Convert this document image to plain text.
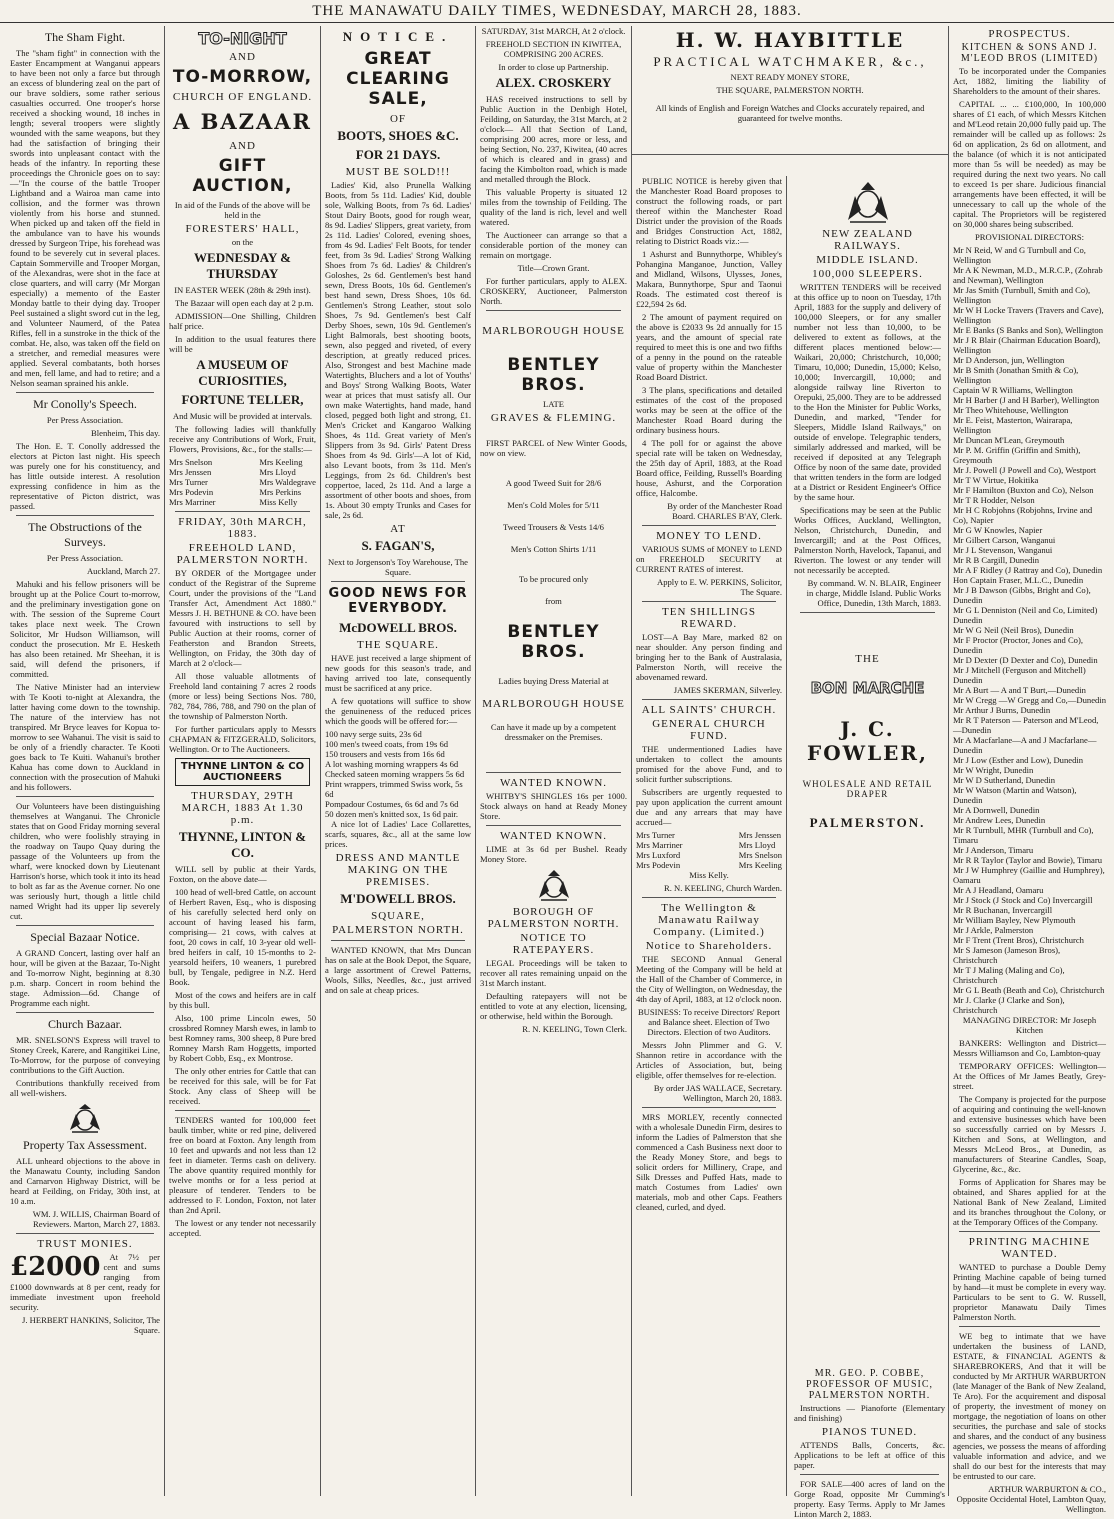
THE MANAWATU DAILY TIMES, WEDNESDAY, MARCH 28, 1883.
The Sham Fight.

The "sham fight" in connection with the Easter Encampment at Wanganui appears to have been not only a farce but through an excess of blundering zeal on the part of our brave soldiers, some rather serious casualties occurred. One trooper's horse received a shocking wound, 18 inches in length; several troopers were slightly wounded with the same weapons, but they had the satisfaction of bringing their swords into unpleasant contact with the heads of the infantry. In reporting these proceedings the Chronicle goes on to say:—"In the course of the battle Trooper Lightband and a Wairoa man came into collision, and the former was thrown violently from his horse and stunned. When picked up and taken off the field in the ambulance van to have his wounds dressed by Surgeon Tripe, his forehead was found to be severely cut in several places. Captain Sommerville and Trooper Morgan, of the Alexandras, were shot in the face at close quarters, and will carry (Mr Morgan especially) a memento of the Easter Monday battle to their dying day. Trooper Peel sustained a slight sword cut in the leg, and Volunteer Naumerd, of the Patea Rifles, fell in a sunstroke in the thick of the combat. He, also, was taken off the field on a stretcher, and remedial measures were applied. Several combatants, both horses and men, fell lame, and had to retire; and a Nelson seaman sprained his ankle.

Mr Conolly's Speech.

Per Press Association.

Blenheim, This day.

The Hon. E. T. Conolly addressed the electors at Picton last night. His speech was purely one for his constituency, and has little outside interest. A resolution expressing confidence in him as the representative of Picton district, was passed.

The Obstructions of the Surveys.

Per Press Association.

Auckland, March 27.

Mahuki and his fellow prisoners will be brought up at the Police Court to-morrow, and the preliminary investigation gone on with. The session of the Supreme Court takes place next week. The Crown Solicitor, Mr Hudson Williamson, will conduct the prosecution. Mr E. Hesketh has also been retained. Mr Sheehan, it is said, will defend the prisoners, if committed.

The Native Minister had an interview with Te Kooti to-night at Alexandra, the latter having come down to the township. The nature of the interview has not transpired. Mr Bryce leaves for Kopua to-morrow to see Wahanui. The visit is said to be only of a friendly character. Te Kooti goes back to Te Kuiti. Wahanui's brother Kahua has come down to Auckland in connection with the prosecution of Mahuki and his followers.

Our Volunteers have been distinguishing themselves at Wanganui. The Chronicle states that on Good Friday morning several children, who were foolishly straying in the roadway on Taupo Quay during the passage of the Volunteers up from the wharf, were knocked down by Lieutenant Harrison's horse, which took it into its head to bolt as far as the Avenue corner. No one was seriously hurt, though a little child named Wright had its upper lip severely cut.

Special Bazaar Notice.

A GRAND Concert, lasting over half an hour, will be given at the Bazaar, To-Night and To-morrow Night, beginning at 8.30 p.m. sharp. Concert in room behind the stage. Admission—6d. Change of Programme each night.

Church Bazaar.

MR. SNELSON'S Express will travel to Stoney Creek, Karere, and Rangitikei Line, To-Morrow, for the purpose of conveying contributions to the Gift Auction.

Contributions thankfully received from all well-wishers.

Property Tax Assessment.

ALL unheard objections to the above in the Manawatu County, including Sandon and Carnarvon Highway District, will be heard at Feilding, on Friday, 30th inst, at 10 a.m.

WM. J. WILLIS, Chairman Board of Reviewers. Marton, March 27, 1883.

TRUST MONIES.
£2000	At 7½ per cent and sums ranging from £1000 downwards at 8 per cent, ready for immediate investment upon freehold security.

J. HERBERT HANKINS, Solicitor, The Square.

TO-NIGHT
AND
TO-MORROW,
CHURCH OF ENGLAND.
A BAZAAR
AND
GIFT AUCTION,

In aid of the Funds of the above will be held in the

FORESTERS' HALL,

on the

WEDNESDAY & THURSDAY

IN EASTER WEEK (28th & 29th inst).

The Bazaar will open each day at 2 p.m.

ADMISSION—One Shilling, Children half price.

In addition to the usual features there will be

A MUSEUM OF CURIOSITIES,
FORTUNE TELLER,

And Music will be provided at intervals.

The following ladies will thankfully receive any Contributions of Work, Fruit, Flowers, Provisions, &c., for the stalls:—

Mrs Snelson
Mrs Jenssen
Mrs Turner
Mrs Podevin
Mrs Marriner
Mrs Keeling
Mrs Lloyd
Mrs Waldegrave
Mrs Perkins
Miss Kelly
FRIDAY, 30th MARCH, 1883.
FREEHOLD LAND, PALMERSTON NORTH.

BY ORDER of the Mortgagee under conduct of the Registrar of the Supreme Court, under the provisions of the "Land Transfer Act, Amendment Act 1880." Messrs J. H. BETHUNE & CO. have been favoured with instructions to sell by Public Auction at their rooms, corner of Featherston and Brandon Streets, Wellington, on Friday, the 30th day of March at 2 o'clock—

All those valuable allotments of Freehold land containing 7 acres 2 roods (more or less) being Sections Nos. 780, 782, 784, 786, 788, and 790 on the plan of the township of Palmerston North.

For further particulars apply to Messrs CHAPMAN & FITZGERALD, Solicitors, Wellington. Or to The Auctioneers.

THYNNE LINTON & CO AUCTIONEERS
THURSDAY, 29TH MARCH, 1883 At 1.30 p.m.
THYNNE, LINTON & CO.

WILL sell by public at their Yards, Foxton, on the above date—

100 head of well-bred Cattle, on account of Herbert Raven, Esq., who is disposing of his carefully selected herd only on account of having leased his farm, comprising— 21 cows, with calves at foot, 20 cows in calf, 10 3-year old well-bred heifers in calf, 10 15-months to 2-yearsold heifers, 10 weaners, 1 purebred bull, by Tengale, pedigree in N.Z. Herd Book.

Most of the cows and heifers are in calf by this bull.

Also, 100 prime Lincoln ewes, 50 crossbred Romney Marsh ewes, in lamb to best Romney rams, 300 sheep, 8 Pure bred Romney Marsh Ram Hoggetts, imported by Robert Cobb, Esq., ex Montrose.

The only other entries for Cattle that can be received for this sale, will be for Fat Stock. Any class of Sheep will be received.

TENDERS wanted for 100,000 feet baulk timber, white or red pine, delivered free on board at Foxton. Any length from 10 feet and upwards and not less than 12 feet in diameter. Terms cash on delivery. The above quantity required monthly for twelve months or for a less period at pleasure of tenderer. Tenders to be addressed to F. London, Foxton, not later than 2nd April.

The lowest or any tender not necessarily accepted.

NOTICE.
GREAT CLEARING SALE,
OF
BOOTS, SHOES &C.
FOR 21 DAYS.
MUST BE SOLD!!!

Ladies' Kid, also Prunella Walking Boots, from 5s 11d. Ladies' Kid, double sole, Walking Boots, from 7s 6d. Ladies' Stout Dairy Boots, good for rough wear, 8s 9d. Ladies' Slippers, great variety, from 2s 11d. Ladies' Colored, evening shoes, from 4s 9d. Ladies' Felt Boots, for tender feet, from 3s 9d. Ladies' Strong Walking Shoes from 7s 6d. Ladies' & Children's Goloshes, 2s 6d. Gentlemen's best hand sewn, Dress Boots, 10s 6d. Gentlemen's best hand sewn, Dress Shoes, 10s 6d. Gentlemen's Strong Leather, stout solo Shoes, 7s 9d. Gentlemen's best Calf Derby Shoes, sewn, 10s 9d. Gentlemen's Light Balmorals, best shooting boots, sewn, also pegged and riveted, of every description, at greatly reduced prices. Also, Strongest and best Machine made Watertights, Bluchers and a lot of Youths' and Boys' Strong Walking Boots, Water wear at prices that must satisfy all. Our own make Watertights, hand made, hand closed, pegged both light and strong, £1. Men's Cricket and Kangaroo Walking Shoes, 4s 11d. Great variety of Men's Slippers from 3s 9d. Girls' Patent Dress Shoes from 4s 9d. Girls'—A lot of Kid, also Levant boots, from 3s 11d. Men's Leggings, from 2s 6d. Children's best coppertoe, laced, 2s 11d. And a large a assortment of other boots and shoes, from 1s. About 30 empty Trunks and Cases for sale, 2s 6d.

AT
S. FAGAN'S,

Next to Jorgenson's Toy Warehouse, The Square.

GOOD NEWS FOR EVERYBODY.
McDOWELL BROS.
THE SQUARE.

HAVE just received a large shipment of new goods for this season's trade, and having arrived too late, consequently must be sacrificed at any price.

A few quotations will suffice to show the genuineness of the reduced prices which the goods will be offered for:—

100 navy serge suits, 23s 6d
100 men's tweed coats, from 19s 6d
150 trousers and vests from 16s 6d
A lot washing morning wrappers 4s 6d
Checked sateen morning wrappers 5s 6d
Print wrappers, trimmed Swiss work, 5s 6d
Pompadour Costumes, 6s 6d and 7s 6d
50 dozen men's knitted sox, 1s 6d pair.

A nice lot of Ladies' Lace Collarettes, scarfs, squares, &c., all at the same low prices.

DRESS AND MANTLE MAKING ON THE PREMISES.
M'DOWELL BROS.
SQUARE,
PALMERSTON NORTH.

WANTED KNOWN, that Mrs Duncan has on sale at the Book Depot, the Square, a large assortment of Crewel Patterns, Wools, Silks, Needles, &c., just arrived and on sale at cheap prices.

SATURDAY, 31st MARCH, At 2 o'clock.

FREEHOLD SECTION IN KIWITEA, COMPRISING 200 ACRES.

In order to close up Partnership.

ALEX. CROSKERY

HAS received instructions to sell by Public Auction in the Denbigh Hotel, Feilding, on Saturday, the 31st March, at 2 o'clock— All that Section of Land, comprising 200 acres, more or less, and being Section, No. 237, Kiwitea, (40 acres of which is cleared and in grass) and facing the Kimbolton road, which is made and metalled through the Block.

This valuable Property is situated 12 miles from the township of Feilding. The quality of the land is rich, level and well watered.

The Auctioneer can arrange so that a considerable portion of the money can remain on mortgage.

Title—Crown Grant.

For further particulars, apply to ALEX. CROSKERY, Auctioneer, Palmerston North.

MARLBOROUGH HOUSE
BENTLEY BROS.

LATE

GRAVES & FLEMING.

FIRST PARCEL of New Winter Goods, now on view.

A good Tweed Suit for 28/6
Men's Cold Moles for 5/11
Tweed Trousers & Vests 14/6
Men's Cotton Shirts 1/11

To be procured only

from

BENTLEY BROS.

Ladies buying Dress Material at

MARLBOROUGH HOUSE

Can have it made up by a competent dressmaker on the Premises.

WANTED KNOWN.

WHITBY'S SHINGLES 16s per 1000. Stock always on hand at Ready Money Store.

WANTED KNOWN.

LIME at 3s 6d per Bushel. Ready Money Store.

BOROUGH OF PALMERSTON NORTH.
NOTICE TO RATEPAYERS.

LEGAL Proceedings will be taken to recover all rates remaining unpaid on the 31st March instant.

Defaulting ratepayers will not be entitled to vote at any election, licensing, or otherwise, held within the Borough.

R. N. KEELING, Town Clerk.

H. W. HAYBITTLE
PRACTICAL WATCHMAKER, &c.,

NEXT READY MONEY STORE,

THE SQUARE, PALMERSTON NORTH.

All kinds of English and Foreign Watches and Clocks accurately repaired, and guaranteed for twelve months.

PUBLIC NOTICE is hereby given that the Manchester Road Board proposes to construct the following roads, or part thereof within the Manchester Road District under the provision of the Roads and Bridges Construction Act, 1882, relating to District Roads viz.:—

1 Ashurst and Bunnythorpe, Whibley's Pohangina Manganoe, Junction, Valley and Midland, Wilsons, Ulysses, Jones, Makara, Bunnythorpe, Spur and Taonui Roads. The estimated cost thereof is £22,594 2s 6d.

2 The amount of payment required on the above is £2033 9s 2d annually for 15 years, and the amount of special rate required to meet this is one and two fifths of a penny in the pound on the rateable value of property within the Manchester Road Board District.

3 The plans, specifications and detailed estimates of the cost of the proposed works may be seen at the office of the Manchester Road Board during the ordinary business hours.

4 The poll for or against the above special rate will be taken on Wednesday, the 25th day of April, 1883, at the Road Board office, Feilding, Russell's Boarding house, Ashurst, and the Corporation office, Halcombe.

By order of the Manchester Road Board. CHARLES B'AY, Clerk.

MONEY TO LEND.

VARIOUS SUMS of MONEY to LEND on FREEHOLD SECURITY at CURRENT RATES of interest.

Apply to E. W. PERKINS, Solicitor, The Square.

TEN SHILLINGS REWARD.

LOST—A Bay Mare, marked 82 on near shoulder. Any person finding and bringing her to the Bank of Australasia, Palmerston North, will receive the abovenamed reward.

JAMES SKERMAN, Silverley.

ALL SAINTS' CHURCH.
GENERAL CHURCH FUND.

THE undermentioned Ladies have undertaken to collect the amounts promised for the above Fund, and to solicit further subscriptions.

Subscribers are urgently requested to pay upon application the current amount due and any arrears that may have accrued—

Mrs Turner
Mrs Marriner
Mrs Luxford
Mrs Podevin
Mrs Jenssen
Mrs Lloyd
Mrs Snelson
Mrs Keeling

Miss Kelly.

R. N. KEELING, Church Warden.

The Wellington & Manawatu Railway Company. (Limited.)
Notice to Shareholders.

THE SECOND Annual General Meeting of the Company will be held at the Hall of the Chamber of Commerce, in the City of Wellington, on Wednesday, the 4th day of April, 1883, at 12 o'clock noon.

BUSINESS: To receive Directors' Report and Balance sheet. Election of Two Directors. Election of two Auditors.

Messrs John Plimmer and G. V. Shannon retire in accordance with the Articles of Association, but, being eligible, offer themselves for re-election.

By order JAS WALLACE, Secretary. Wellington, March 20, 1883.

MRS MORLEY, recently connected with a wholesale Dunedin Firm, desires to inform the Ladies of Palmerston that she commenced a Cash Business next door to the Ready Money Store, and begs to solicit orders for Millinery, Crape, and Silk Dresses and Puffed Hats, made to match Costumes from Ladies' own materials, mob and other Caps. Feathers cleaned, curled, and dyed.

NEW ZEALAND RAILWAYS.
MIDDLE ISLAND.
100,000 SLEEPERS.

WRITTEN TENDERS will be received at this office up to noon on Tuesday, 17th April, 1883 for the supply and delivery of 100,000 Sleepers, or for any smaller number not less than 10,000, to be delivered to extent as follows, at the different places mentioned below:— Waikari, 20,000; Christchurch, 10,000; Timaru, 10,000; Dunedin, 15,000; Kelso, 10,000; Invercargill, 10,000; and alongside railway line Riverton to Orepuki, 25,000. They are to be addressed to the Hon the Minister for Public Works, Dunedin, and marked, "Tender for Sleepers, Middle Island Railways," on outside of envelope. Telegraphic tenders, similarly addressed and marked, will be received if deposited at any Telegraph Office by noon of the same date, provided that written tenders in the form are lodged at a District or Resident Engineer's Office by the same hour.

Specifications may be seen at the Public Works Offices, Auckland, Wellington, Nelson, Christchurch, Dunedin, and Invercargill; and at the Post Offices, Palmerston North, Havelock, Tapanui, and Riverton. The lowest or any tender will not necessarily be accepted.

By command. W. N. BLAIR, Engineer in charge, Middle Island. Public Works Office, Dunedin, 13th March, 1883.

THE
BON MARCHE
J. C. FOWLER,
WHOLESALE AND RETAIL DRAPER
PALMERSTON.
MR. GEO. P. COBBE, PROFESSOR OF MUSIC, PALMERSTON NORTH.

Instructions — Pianoforte (Elementary and finishing)

PIANOS TUNED.

ATTENDS Balls, Concerts, &c. Applications to be left at office of this paper.

FOR SALE—400 acres of land on the Gorge Road, opposite Mr Cumming's property. Easy Terms. Apply to Mr James Linton March 2, 1883.

PROSPECTUS.
KITCHEN & SONS AND J. M'LEOD BROS (LIMITED)

To be incorporated under the Companies Act, 1882, limiting the liability of Shareholders to the amount of their shares.

CAPITAL ... ... £100,000, In 100,000 shares of £1 each, of which Messrs Kitchen and M'Leod retain 20,000 fully paid up. The remainder will be called up as follows: 2s 6d on application, 2s 6d on allotment, and the balance (of which it is not anticipated more than 5s will be needed) as may be required during the next two years. No call to exceed 1s per share. Judicious financial arrangements have been effected, it will be unnecessary to call up the whole of the capital. The Proprietors will be registered on 30,000 shares being subscribed.

PROVISIONAL DIRECTORS:

Mr N Reid, W and G Turnbull and Co, Wellington
Mr A K Newman, M.D., M.R.C.P., (Zohrab and Newman), Wellington
Mr Jas Smith (Turnbull, Smith and Co), Wellington
Mr W H Locke Travers (Travers and Cave), Wellington
Mr E Banks (S Banks and Son), Wellington
Mr J R Blair (Chairman Education Board), Wellington
Mr D Anderson, jun, Wellington
Mr B Smith (Jonathan Smith & Co), Wellington
Captain W R Williams, Wellington
Mr H Barber (J and H Barber), Wellington
Mr Theo Whitehouse, Wellington
Mr E. Feist, Masterton, Wairarapa, Wellington
Mr Duncan M'Lean, Greymouth
Mr P. M. Griffin (Griffin and Smith), Greymouth
Mr J. Powell (J Powell and Co), Westport
Mr T W Virtue, Hokitika
Mr F Hamilton (Buxton and Co), Nelson
Mr T R Hodder, Nelson
Mr H C Robjohns (Robjohns, Irvine and Co), Napier
Mr G W Knowles, Napier
Mr Gilbert Carson, Wanganui
Mr J L Stevenson, Wanganui
Mr R B Cargill, Dunedin
Mr A F Ridley (J Rattray and Co), Dunedin
Hon Captain Fraser, M.L.C., Dunedin
Mr J B Dawson (Gibbs, Bright and Co), Dunedin
Mr G L Denniston (Neil and Co, Limited) Dunedin
Mr W G Neil (Neil Bros), Dunedin
Mr F Proctor (Proctor, Jones and Co), Dunedin
Mr D Dexter (D Dexter and Co), Dunedin
Mr J Mitchell (Ferguson and Mitchell) Dunedin
Mr A Burt — A and T Burt,—Dunedin
Mr W Cregg —W Gregg and Co,—Dunedin
Mr Arthur J Burns, Dunedin
Mr R T Paterson — Paterson and M'Leod,—Dunedin
Mr A Macfarlane—A and J Macfarlane—Dunedin
Mr J Low (Esther and Low), Dunedin
Mr W Wright, Dunedin
Mr W D Sutherland, Dunedin
Mr W Watson (Martin and Watson), Dunedin
Mr A Dornwell, Dunedin
Mr Andrew Lees, Dunedin
Mr R Turnbull, MHR (Turnbull and Co), Timaru
Mr J Anderson, Timaru
Mr R R Taylor (Taylor and Bowie), Timaru
Mr J W Humphrey (Gaillie and Humphrey), Oamaru
Mr A J Headland, Oamaru
Mr J Stock (J Stock and Co) Invercargill
Mr R Buchanan, Invercargill
Mr William Bayley, New Plymouth
Mr J Arkle, Palmerston
Mr F Trent (Trent Bros), Christchurch
Mr S Jameson (Jameson Bros), Christchurch
Mr T J Maling (Maling and Co), Christchurch
Mr G L Beath (Beath and Co), Christchurch
Mr J. Clarke (J Clarke and Son), Christchurch

MANAGING DIRECTOR: Mr Joseph Kitchen

BANKERS: Wellington and District—Messrs Williamson and Co, Lambton-quay

TEMPORARY OFFICES: Wellington—At the Offices of Mr James Beatly, Grey-street.

The Company is projected for the purpose of acquiring and continuing the well-known and extensive businesses which have been so successfully carried on by Messrs J. Kitchen and Sons, at Wellington, and Messrs McLeod Bros., at Dunedin, as manufacturers of Stearine Candles, Soap, Glycerine, &c., &c.

Forms of Application for Shares may be obtained, and Shares applied for at the National Bank of New Zealand, Limited and its branches throughout the Colony, or at the Temporary Offices of the Company.

PRINTING MACHINE WANTED.

WANTED to purchase a Double Demy Printing Machine capable of being turned by hand—it must be complete in every way. Particulars to be sent to G. W. Russell, proprietor Manawatu Daily Times Palmerston North.

WE beg to intimate that we have undertaken the business of LAND, ESTATE, & FINANCIAL AGENTS & SHAREBROKERS, And that it will be conducted by Mr ARTHUR WARBURTON (late Manager of the Bank of New Zealand, Te Aro). For the acquirement and disposal of property, the investment of money on mortgage, the negotiation of loans on other securities, the purchase and sale of stocks and shares, and the conduct of any business agencies, we possess the means of affording valuable information and advice, and we shall do our best for the interests that may be entrusted to our care.

ARTHUR WARBURTON & CO., Opposite Occidental Hotel, Lambton Quay, Wellington.
